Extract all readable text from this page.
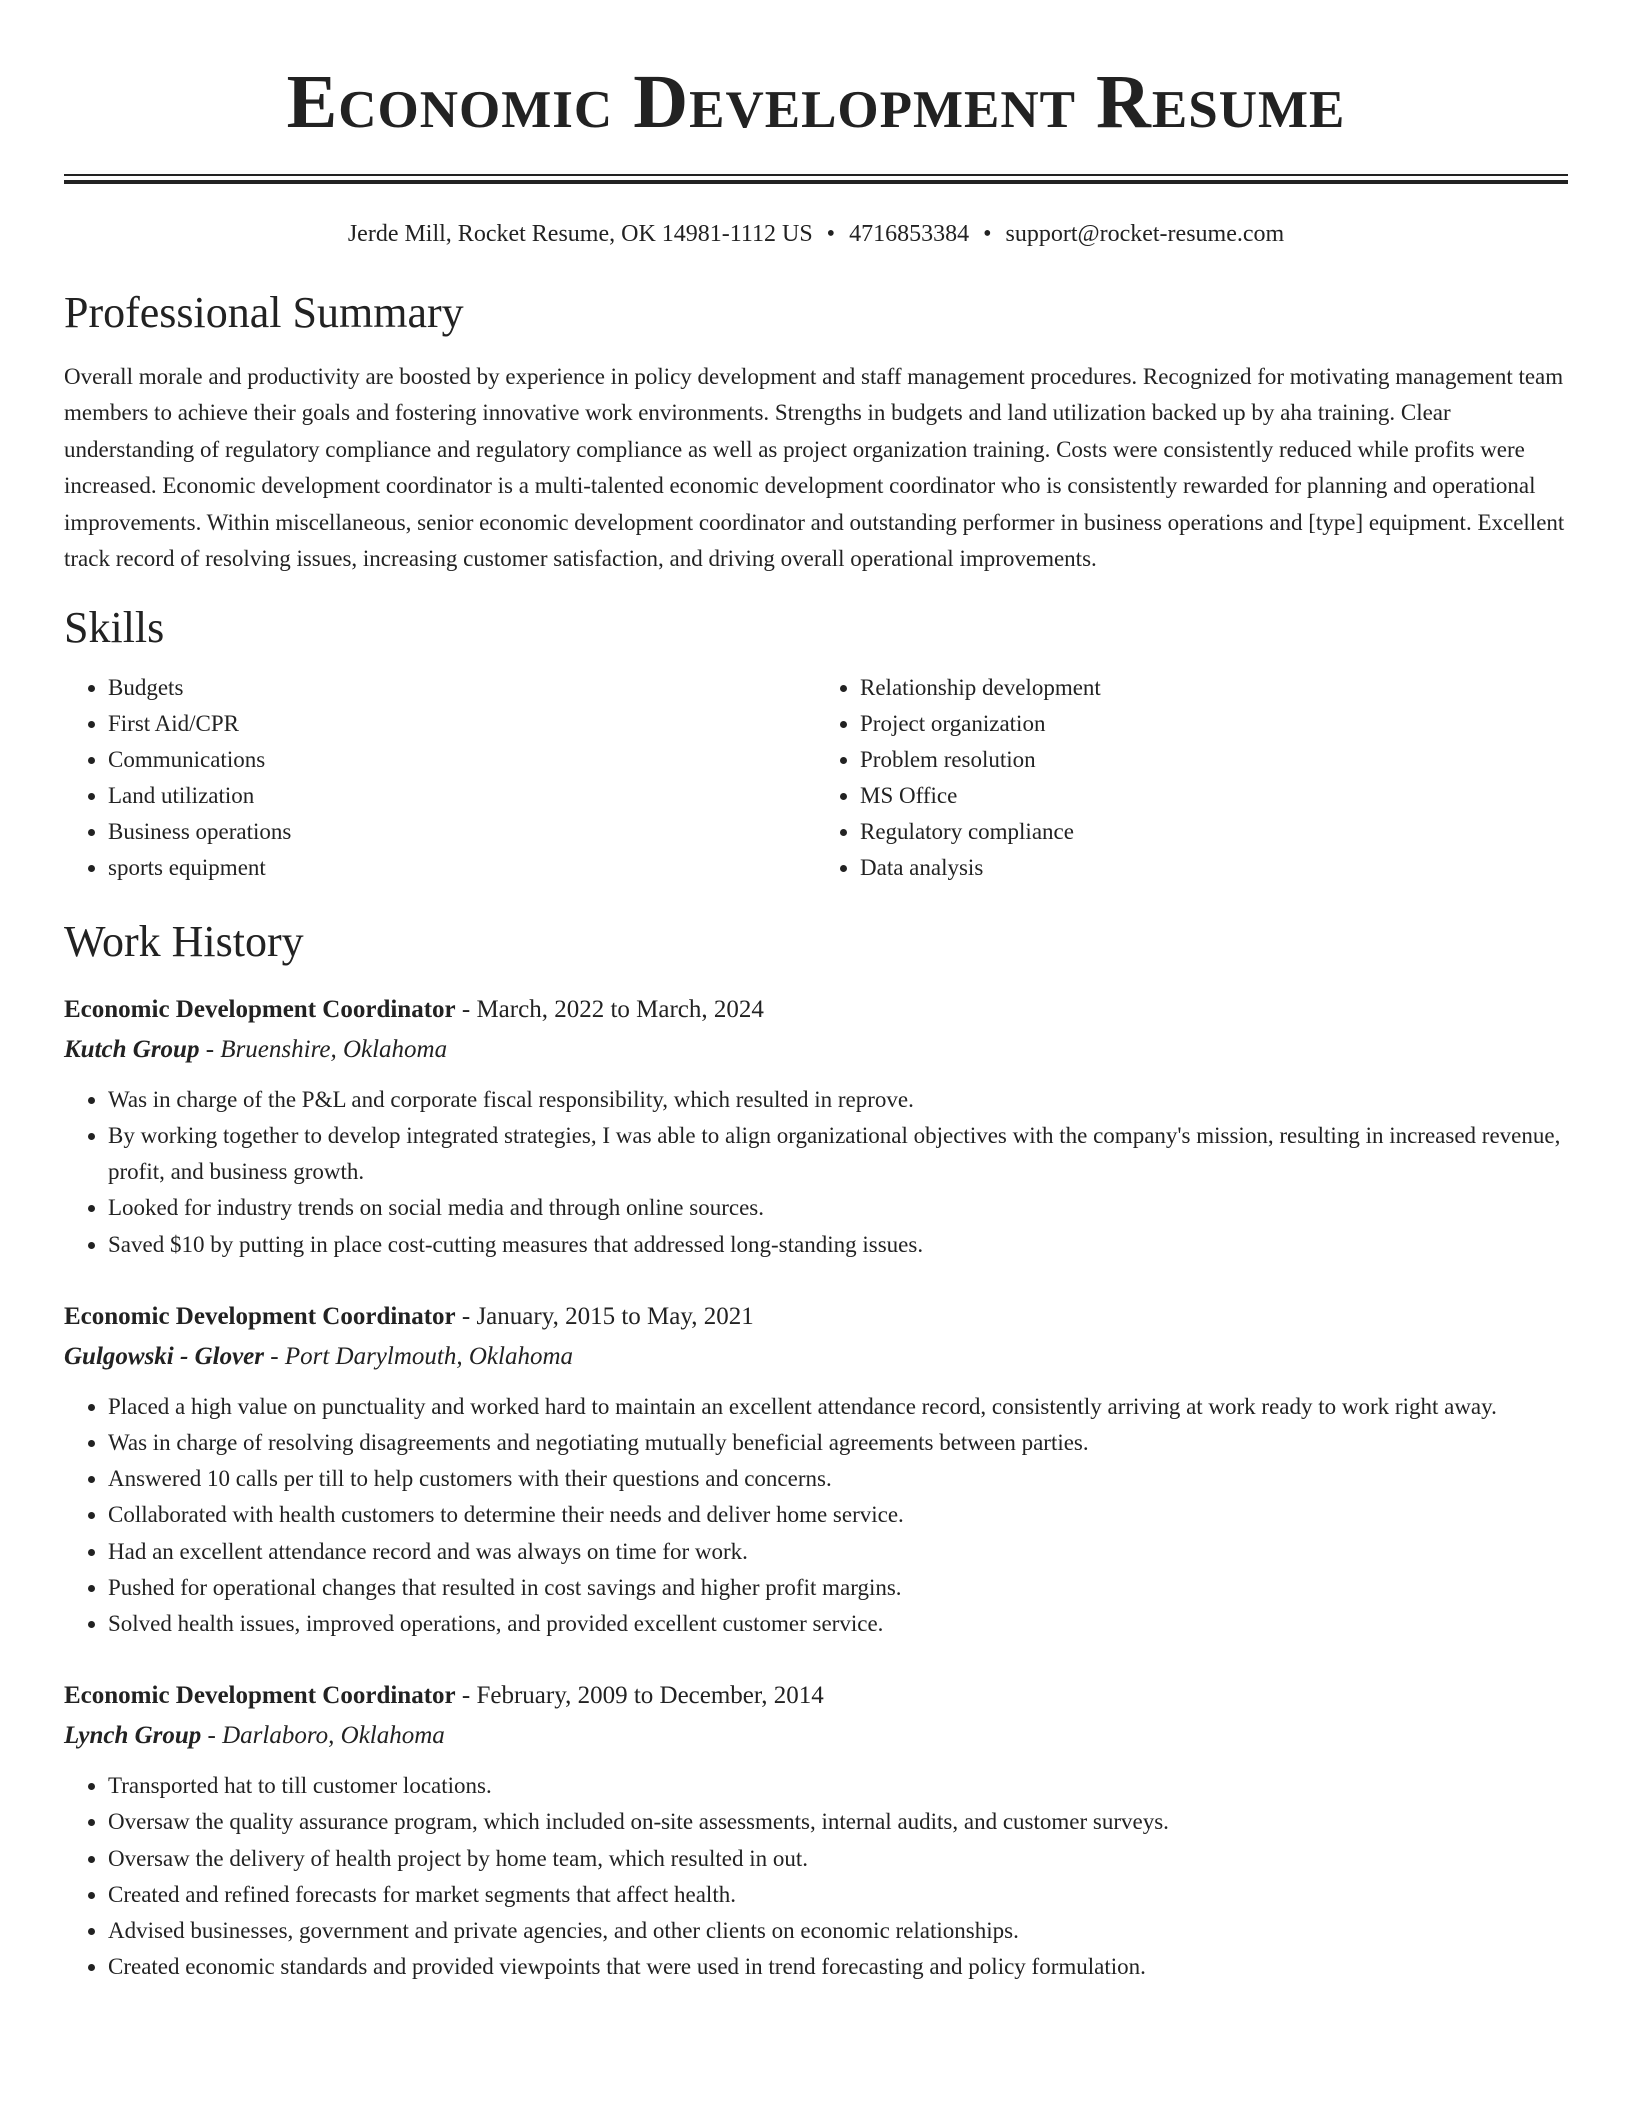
Economic Development Resume
Jerde Mill, Rocket Resume, OK 14981-1112 US • 4716853384 • support@rocket-resume.com
Professional Summary

Overall morale and productivity are boosted by experience in policy development and staff management procedures. Recognized for motivating management team members to achieve their goals and fostering innovative work environments. Strengths in budgets and land utilization backed up by aha training. Clear understanding of regulatory compliance and regulatory compliance as well as project organization training. Costs were consistently reduced while profits were increased. Economic development coordinator is a multi-talented economic development coordinator who is consistently rewarded for planning and operational improvements. Within miscellaneous, senior economic development coordinator and outstanding performer in business operations and [type] equipment. Excellent track record of resolving issues, increasing customer satisfaction, and driving overall operational improvements.

Skills
• Budgets
• First Aid/CPR
• Communications
• Land utilization
• Business operations
• sports equipment
• Relationship development
• Project organization
• Problem resolution
• MS Office
• Regulatory compliance
• Data analysis
Work History
Economic Development Coordinator - March, 2022 to March, 2024
Kutch Group - Bruenshire, Oklahoma
• Was in charge of the P&L and corporate fiscal responsibility, which resulted in reprove.
• By working together to develop integrated strategies, I was able to align organizational objectives with the company's mission, resulting in increased revenue, profit, and business growth.
• Looked for industry trends on social media and through online sources.
• Saved $10 by putting in place cost-cutting measures that addressed long-standing issues.
Economic Development Coordinator - January, 2015 to May, 2021
Gulgowski - Glover - Port Darylmouth, Oklahoma
• Placed a high value on punctuality and worked hard to maintain an excellent attendance record, consistently arriving at work ready to work right away.
• Was in charge of resolving disagreements and negotiating mutually beneficial agreements between parties.
• Answered 10 calls per till to help customers with their questions and concerns.
• Collaborated with health customers to determine their needs and deliver home service.
• Had an excellent attendance record and was always on time for work.
• Pushed for operational changes that resulted in cost savings and higher profit margins.
• Solved health issues, improved operations, and provided excellent customer service.
Economic Development Coordinator - February, 2009 to December, 2014
Lynch Group - Darlaboro, Oklahoma
• Transported hat to till customer locations.
• Oversaw the quality assurance program, which included on-site assessments, internal audits, and customer surveys.
• Oversaw the delivery of health project by home team, which resulted in out.
• Created and refined forecasts for market segments that affect health.
• Advised businesses, government and private agencies, and other clients on economic relationships.
• Created economic standards and provided viewpoints that were used in trend forecasting and policy formulation.
